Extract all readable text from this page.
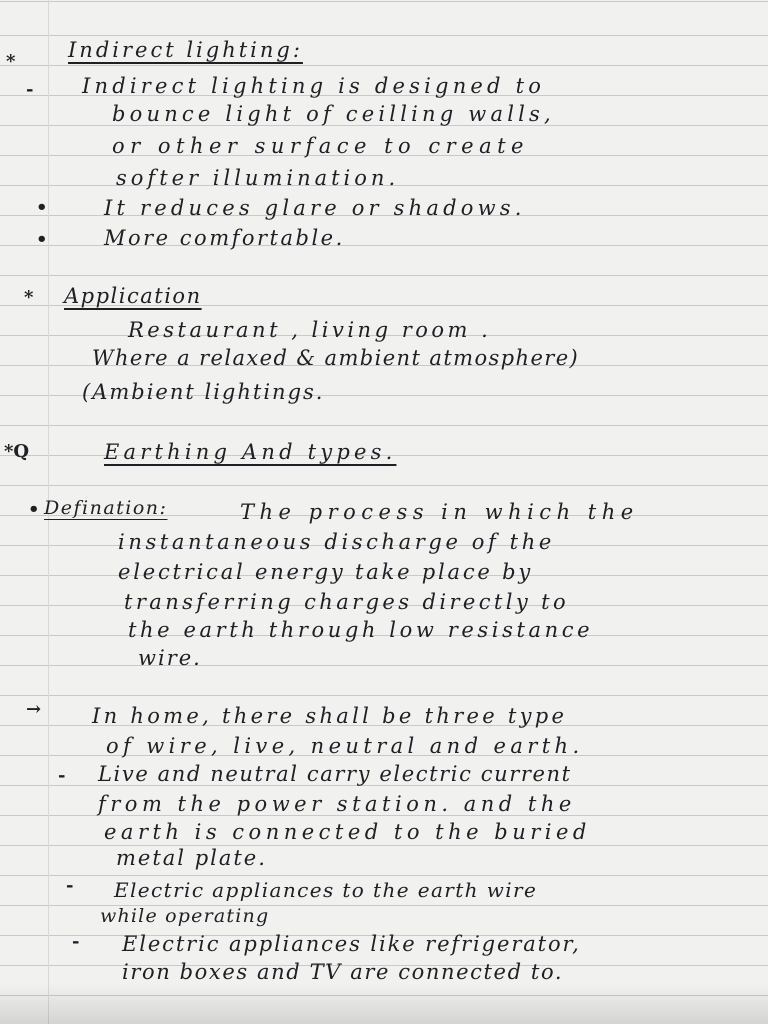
*	Indirect lighting:
- Indirect lighting is designed to
bounce light of ceilling walls,
or other surface to create
softer illumination.
•	It reduces glare or shadows.
•	More comfortable.
* Application
Restaurant , living room .
Where a relaxed & ambient atmosphere)
(Ambient lightings.
*Q	Earthing And types.
• Defination:	The process in which the
instantaneous discharge of the
electrical energy take place by
transferring charges directly to
the earth through low resistance
wire.
→ In home, there shall be three type
of wire, live, neutral and earth.
- Live and neutral carry electric current
from the power station. and the
earth is connected to the buried
metal plate.
- Electric appliances to the earth wire
while operating
- Electric appliances like refrigerator,
iron boxes and TV are connected to.
